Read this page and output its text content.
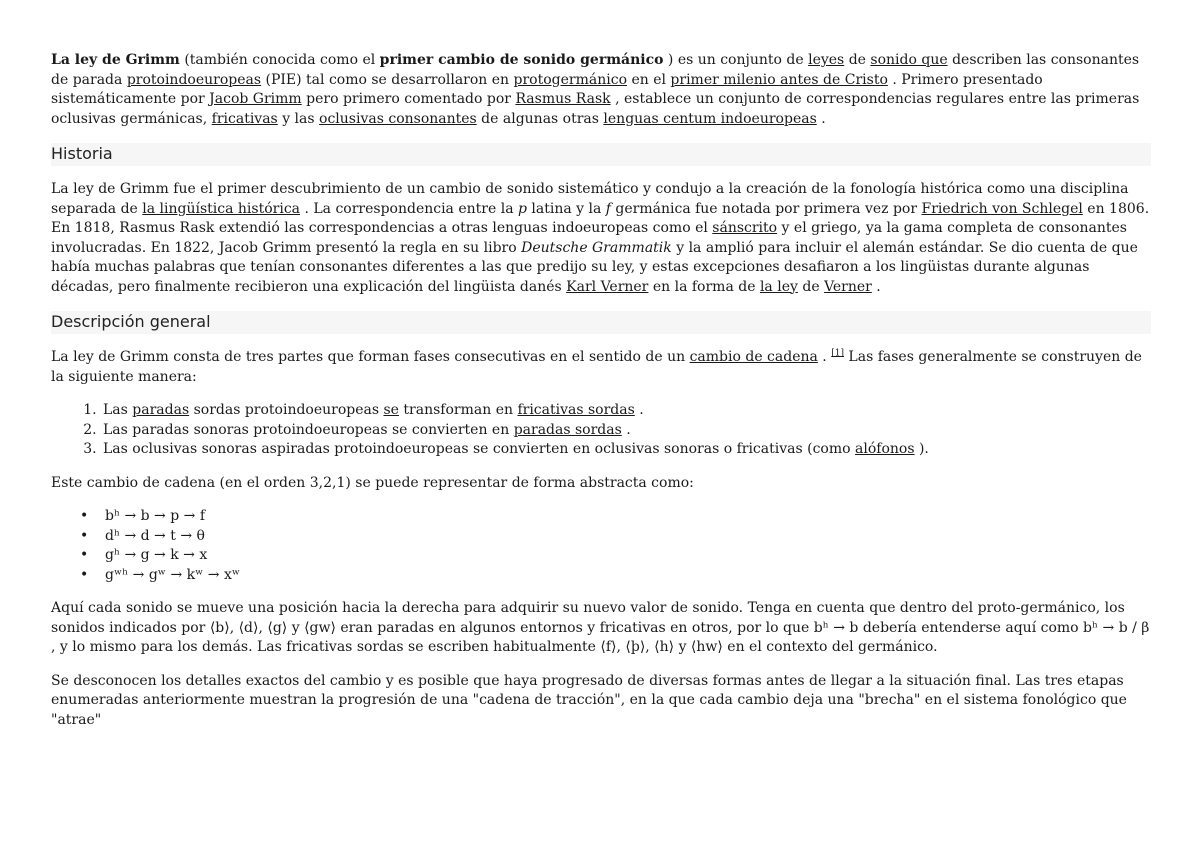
La ley de Grimm (también conocida como el primer cambio de sonido germánico ) es un conjunto de leyes de sonido que describen las consonantes de parada protoindoeuropeas (PIE) tal como se desarrollaron en protogermánico en el primer milenio antes de Cristo . Primero presentado sistemáticamente por Jacob Grimm pero primero comentado por Rasmus Rask , establece un conjunto de correspondencias regulares entre las primeras oclusivas germánicas, fricativas y las oclusivas consonantes de algunas otras lenguas centum indoeuropeas .

Historia

La ley de Grimm fue el primer descubrimiento de un cambio de sonido sistemático y condujo a la creación de la fonología histórica como una disciplina separada de la lingüística histórica . La correspondencia entre la p latina y la f germánica fue notada por primera vez por Friedrich von Schlegel en 1806. En 1818, Rasmus Rask extendió las correspondencias a otras lenguas indoeuropeas como el sánscrito y el griego, ya la gama completa de consonantes involucradas. En 1822, Jacob Grimm presentó la regla en su libro Deutsche Grammatik y la amplió para incluir el alemán estándar. Se dio cuenta de que había muchas palabras que tenían consonantes diferentes a las que predijo su ley, y estas excepciones desafiaron a los lingüistas durante algunas décadas, pero finalmente recibieron una explicación del lingüista danés Karl Verner en la forma de la ley de Verner .

Descripción general

La ley de Grimm consta de tres partes que forman fases consecutivas en el sentido de un cambio de cadena . [1] Las fases generalmente se construyen de la siguiente manera:

1. Las paradas sordas protoindoeuropeas se transforman en fricativas sordas .
2. Las paradas sonoras protoindoeuropeas se convierten en paradas sordas .
3. Las oclusivas sonoras aspiradas protoindoeuropeas se convierten en oclusivas sonoras o fricativas (como alófonos ).

Este cambio de cadena (en el orden 3,2,1) se puede representar de forma abstracta como:

• bʰ → b → p → f
• dʰ → d → t → θ
• gʰ → g → k → x
• gʷʰ → gʷ → kʷ → xʷ

Aquí cada sonido se mueve una posición hacia la derecha para adquirir su nuevo valor de sonido. Tenga en cuenta que dentro del proto-germánico, los sonidos indicados por ⟨b⟩, ⟨d⟩, ⟨g⟩ y ⟨gw⟩ eran paradas en algunos entornos y fricativas en otros, por lo que bʰ → b debería entenderse aquí como bʰ → b / β , y lo mismo para los demás. Las fricativas sordas se escriben habitualmente ⟨f⟩, ⟨þ⟩, ⟨h⟩ y ⟨hw⟩ en el contexto del germánico.

Se desconocen los detalles exactos del cambio y es posible que haya progresado de diversas formas antes de llegar a la situación final. Las tres etapas enumeradas anteriormente muestran la progresión de una "cadena de tracción", en la que cada cambio deja una "brecha" en el sistema fonológico que "atrae"
